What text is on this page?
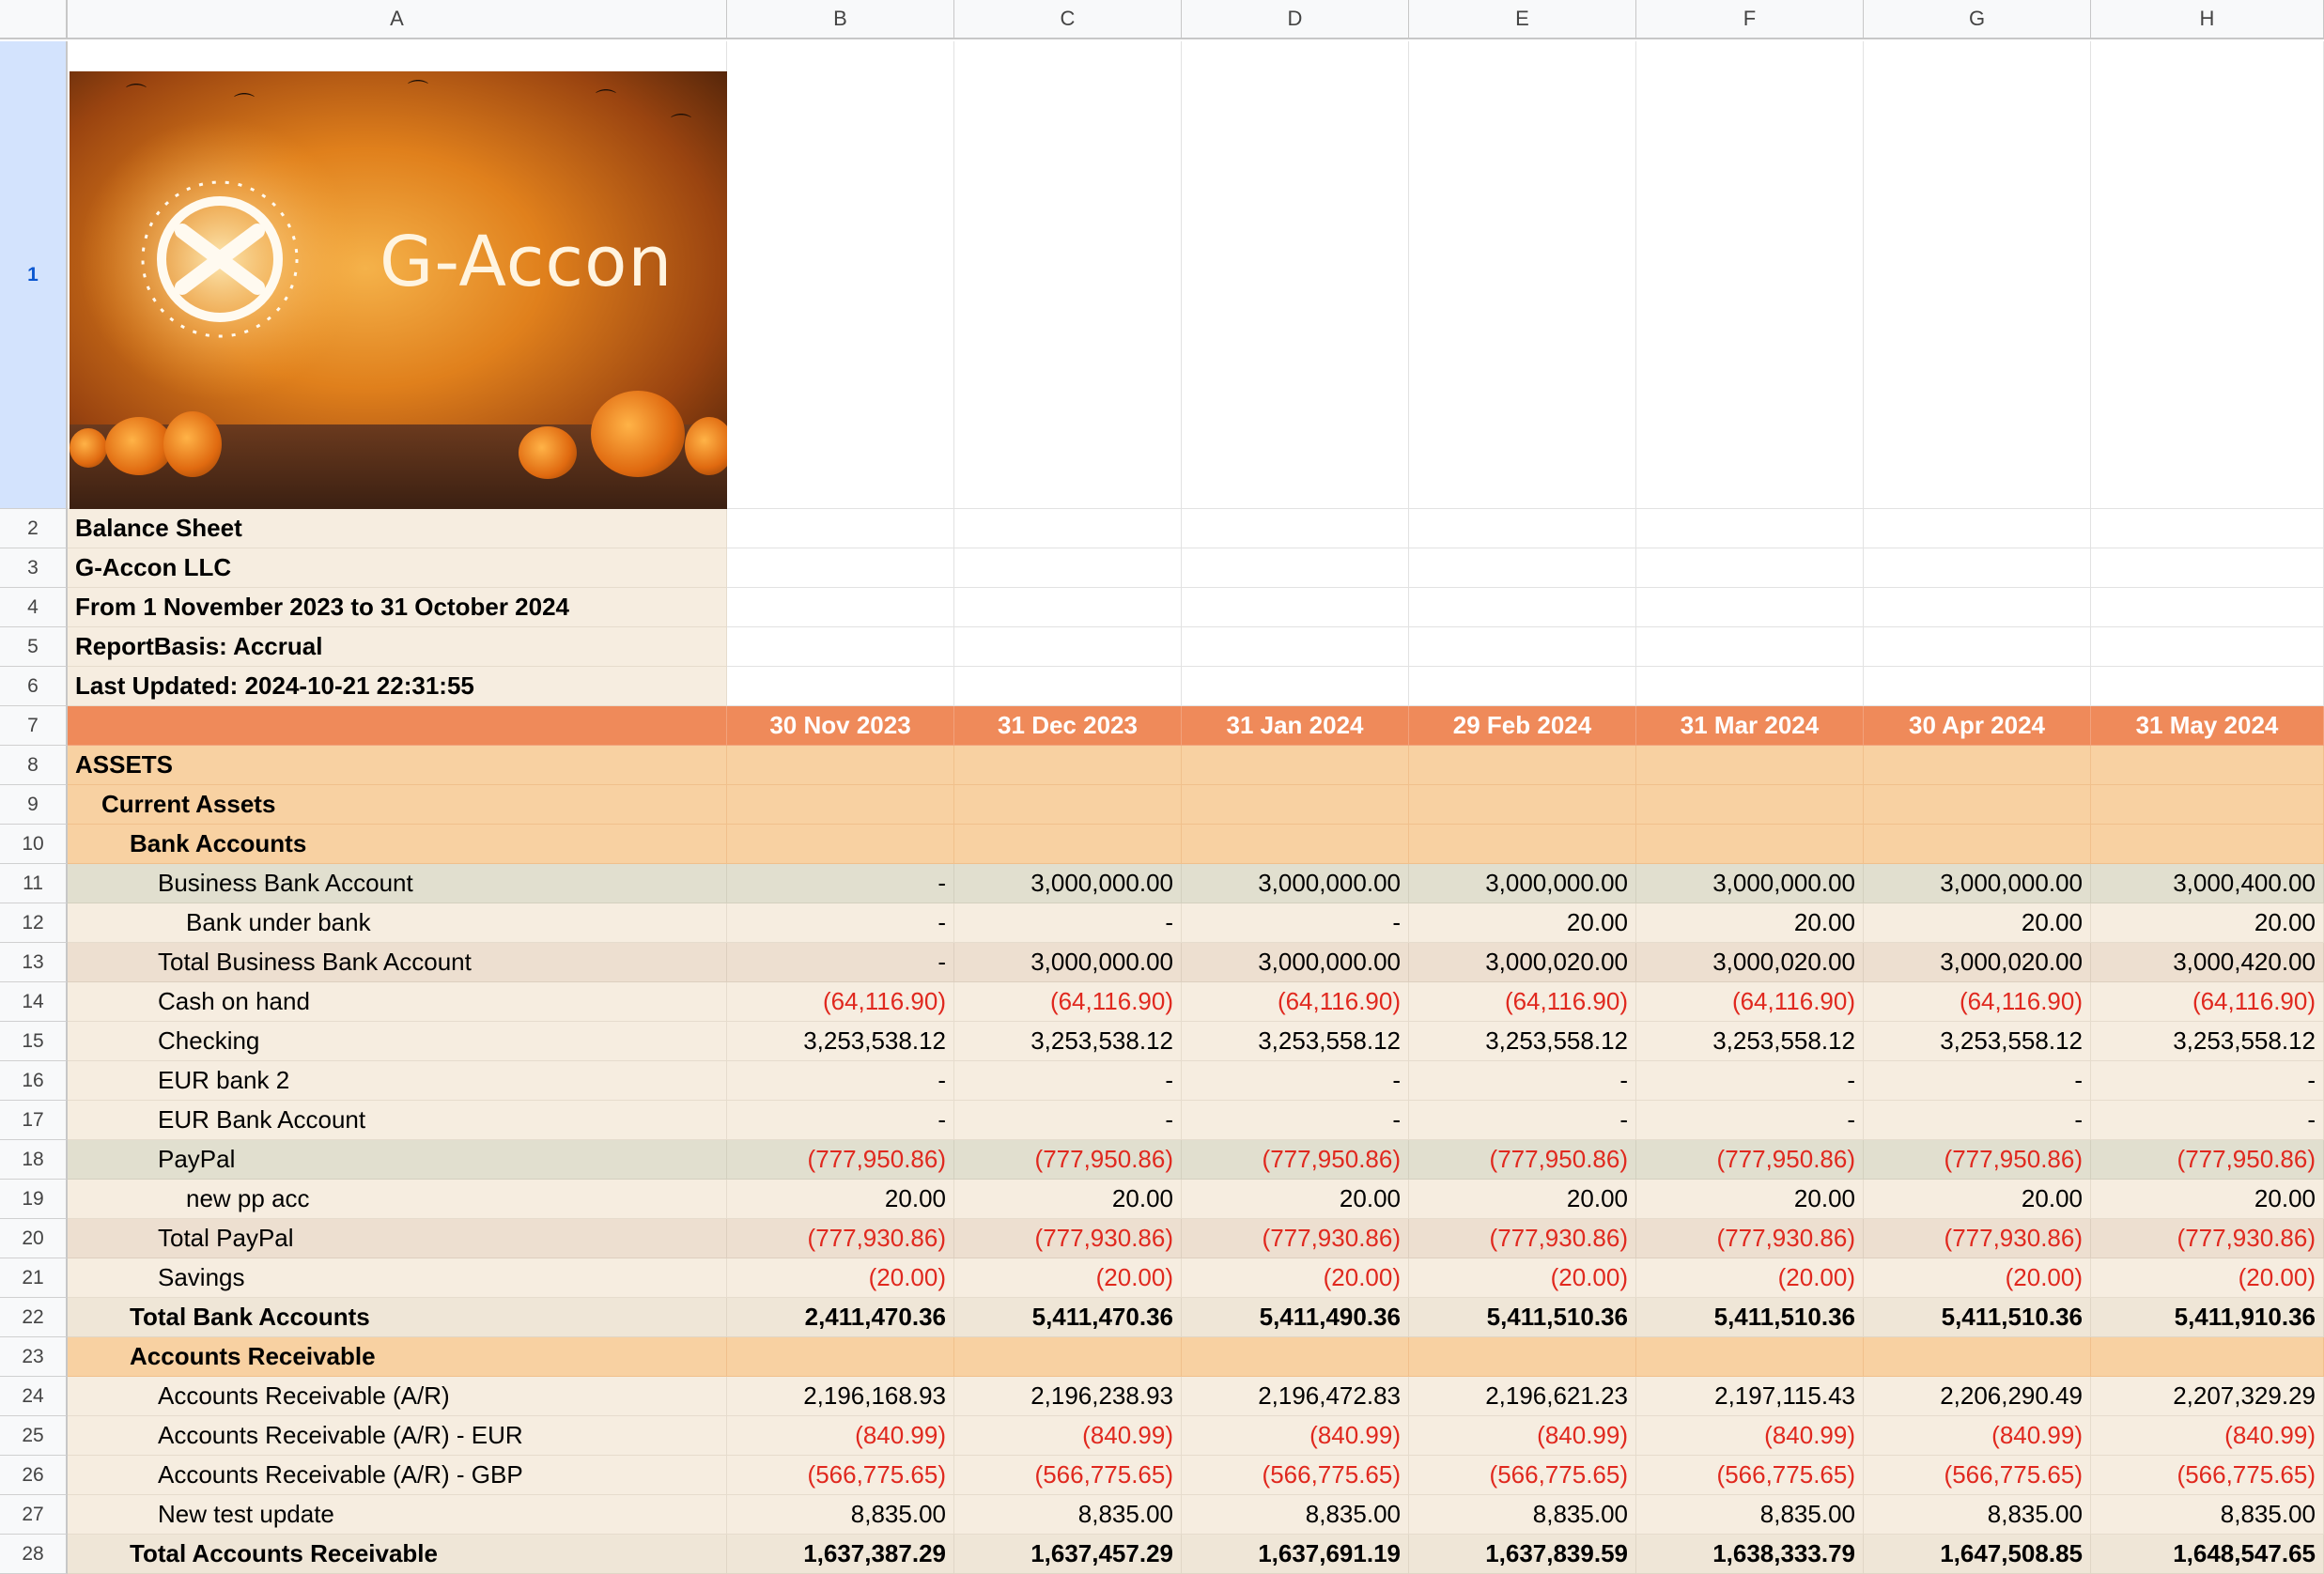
A	B	C	D	E	F	G	H
1
2	Balance Sheet
3	G-Accon LLC
4	From 1 November 2023 to 31 October 2024
5	ReportBasis: Accrual
6	Last Updated: 2024-10-21 22:31:55
7	30 Nov 2023	31 Dec 2023	31 Jan 2024	29 Feb 2024	31 Mar 2024	30 Apr 2024	31 May 2024
8	ASSETS
9	Current Assets
10	Bank Accounts
11	Business Bank Account	-	3,000,000.00	3,000,000.00	3,000,000.00	3,000,000.00	3,000,000.00	3,000,400.00
12	Bank under bank	-	-	-	20.00	20.00	20.00	20.00
13	Total Business Bank Account	-	3,000,000.00	3,000,000.00	3,000,020.00	3,000,020.00	3,000,020.00	3,000,420.00
14	Cash on hand	(64,116.90)	(64,116.90)	(64,116.90)	(64,116.90)	(64,116.90)	(64,116.90)	(64,116.90)
15	Checking	3,253,538.12	3,253,538.12	3,253,558.12	3,253,558.12	3,253,558.12	3,253,558.12	3,253,558.12
16	EUR bank 2	-	-	-	-	-	-	-
17	EUR Bank Account	-	-	-	-	-	-	-
18	PayPal	(777,950.86)	(777,950.86)	(777,950.86)	(777,950.86)	(777,950.86)	(777,950.86)	(777,950.86)
19	new pp acc	20.00	20.00	20.00	20.00	20.00	20.00	20.00
20	Total PayPal	(777,930.86)	(777,930.86)	(777,930.86)	(777,930.86)	(777,930.86)	(777,930.86)	(777,930.86)
21	Savings	(20.00)	(20.00)	(20.00)	(20.00)	(20.00)	(20.00)	(20.00)
22	Total Bank Accounts	2,411,470.36	5,411,470.36	5,411,490.36	5,411,510.36	5,411,510.36	5,411,510.36	5,411,910.36
23	Accounts Receivable
24	Accounts Receivable (A/R)	2,196,168.93	2,196,238.93	2,196,472.83	2,196,621.23	2,197,115.43	2,206,290.49	2,207,329.29
25	Accounts Receivable (A/R) - EUR	(840.99)	(840.99)	(840.99)	(840.99)	(840.99)	(840.99)	(840.99)
26	Accounts Receivable (A/R) - GBP	(566,775.65)	(566,775.65)	(566,775.65)	(566,775.65)	(566,775.65)	(566,775.65)	(566,775.65)
27	New test update	8,835.00	8,835.00	8,835.00	8,835.00	8,835.00	8,835.00	8,835.00
28	Total Accounts Receivable	1,637,387.29	1,637,457.29	1,637,691.19	1,637,839.59	1,638,333.79	1,647,508.85	1,648,547.65
G-Accon
⌒	⌒
⌒	⌒
⌒
